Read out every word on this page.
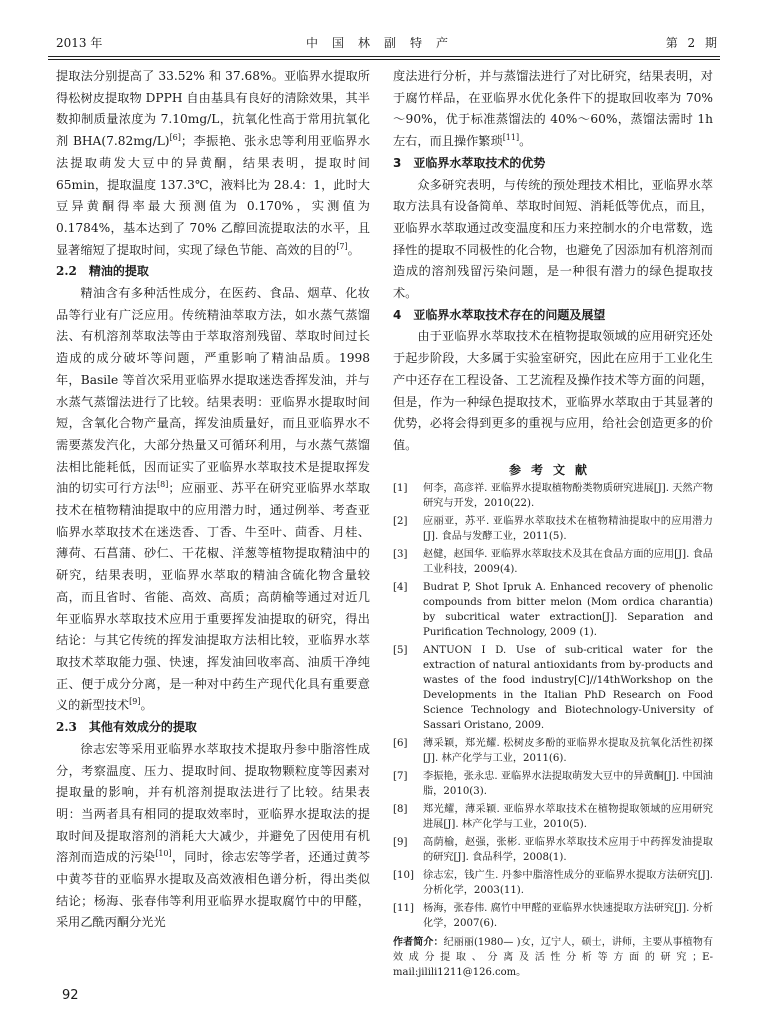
2013 年	中国林副特产	第 2 期

提取法分别提高了 33.52% 和 37.68%。亚临界水提取所得松树皮提取物 DPPH 自由基具有良好的清除效果，其半数抑制质量浓度为 7.10mg/L，抗氧化性高于常用抗氧化剂 BHA(7.82mg/L)[6]；李振艳、张永忠等利用亚临界水法提取萌发大豆中的异黄酮，结果表明，提取时间 65min，提取温度 137.3℃，液料比为 28.4：1，此时大豆异黄酮得率最大预测值为 0.170%，实测值为 0.1784%，基本达到了 70% 乙醇回流提取法的水平，且显著缩短了提取时间，实现了绿色节能、高效的目的[7]。

2.2　精油的提取

精油含有多种活性成分，在医药、食品、烟草、化妆品等行业有广泛应用。传统精油萃取方法，如水蒸气蒸馏法、有机溶剂萃取法等由于萃取溶剂残留、萃取时间过长造成的成分破坏等问题，严重影响了精油品质。1998 年，Basile 等首次采用亚临界水提取迷迭香挥发油，并与水蒸气蒸馏法进行了比较。结果表明：亚临界水提取时间短，含氧化合物产量高，挥发油质量好，而且亚临界水不需要蒸发汽化，大部分热量又可循环利用，与水蒸气蒸馏法相比能耗低，因而证实了亚临界水萃取技术是提取挥发油的切实可行方法[8]；应丽亚、苏平在研究亚临界水萃取技术在植物精油提取中的应用潜力时，通过例举、考查亚临界水萃取技术在迷迭香、丁香、牛至叶、茴香、月桂、薄荷、石菖蒲、砂仁、干花椒、洋葱等植物提取精油中的研究，结果表明，亚临界水萃取的精油含硫化物含量较高，而且省时、省能、高效、高质；高荫榆等通过对近几年亚临界水萃取技术应用于重要挥发油提取的研究，得出结论：与其它传统的挥发油提取方法相比较，亚临界水萃取技术萃取能力强、快速，挥发油回收率高、油质干净纯正、便于成分分离，是一种对中药生产现代化具有重要意义的新型技术[9]。

2.3　其他有效成分的提取

徐志宏等采用亚临界水萃取技术提取丹参中脂溶性成分，考察温度、压力、提取时间、提取物颗粒度等因素对提取量的影响，并有机溶剂提取法进行了比较。结果表明：当两者具有相同的提取效率时，亚临界水提取法的提取时间及提取溶剂的消耗大大减少，并避免了因使用有机溶剂而造成的污染[10]，同时，徐志宏等学者，还通过黄芩中黄芩苷的亚临界水提取及高效液相色谱分析，得出类似结论；杨海、张春伟等利用亚临界水提取腐竹中的甲醛，采用乙酰丙酮分光光

度法进行分析，并与蒸馏法进行了对比研究，结果表明，对于腐竹样品，在亚临界水优化条件下的提取回收率为 70%～90%，优于标准蒸馏法的 40%～60%，蒸馏法需时 1h 左右，而且操作繁琐[11]。

3　亚临界水萃取技术的优势

众多研究表明，与传统的预处理技术相比，亚临界水萃取方法具有设备简单、萃取时间短、消耗低等优点，而且，亚临界水萃取通过改变温度和压力来控制水的介电常数，选择性的提取不同极性的化合物，也避免了因添加有机溶剂而造成的溶剂残留污染问题，是一种很有潜力的绿色提取技术。

4　亚临界水萃取技术存在的问题及展望

由于亚临界水萃取技术在植物提取领域的应用研究还处于起步阶段，大多属于实验室研究，因此在应用于工业化生产中还存在工程设备、工艺流程及操作技术等方面的问题，但是，作为一种绿色提取技术，亚临界水萃取由于其显著的优势，必将会得到更多的重视与应用，给社会创造更多的价值。

参考文献
[1]	何李，高彦祥. 亚临界水提取植物酚类物质研究进展[J]. 天然产物研究与开发，2010(22).
[2]	应丽亚，苏平. 亚临界水萃取技术在植物精油提取中的应用潜力[J]. 食品与发酵工业，2011(5).
[3]	赵健，赵国华. 亚临界水萃取技术及其在食品方面的应用[J]. 食品工业科技，2009(4).
[4]	Budrat P, Shot Ipruk A. Enhanced recovery of phenolic compounds from bitter melon (Mom ordica charantia) by subcritical water extraction[J]. Separation and Purification Technology, 2009 (1).
[5]	ANTUON I D. Use of sub-critical water for the extraction of natural antioxidants from by-products and wastes of the food industry[C]//14thWorkshop on the Developments in the Italian PhD Research on Food Science Technology and Biotechnology-University of Sassari Oristano, 2009.
[6]	薄采颖，郑光耀. 松树皮多酚的亚临界水提取及抗氧化活性初探[J]. 林产化学与工业，2011(6).
[7]	李振艳，张永忠. 亚临界水法提取萌发大豆中的异黄酮[J]. 中国油脂，2010(3).
[8]	郑光耀，薄采颖. 亚临界水萃取技术在植物提取领域的应用研究进展[J]. 林产化学与工业，2010(5).
[9]	高荫榆，赵强，张彬. 亚临界水萃取技术应用于中药挥发油提取的研究[J]. 食品科学，2008(1).
[10] 徐志宏，钱广生. 丹参中脂溶性成分的亚临界水提取方法研究[J]. 分析化学，2003(11).
[11] 杨海，张春伟. 腐竹中甲醛的亚临界水快速提取方法研究[J]. 分析化学，2007(6).

作者简介：纪丽丽(1980— )女，辽宁人，硕士，讲师，主要从事植物有效成分提取、分离及活性分析等方面的研究；E-mail:jilili1211@126.com。

92
